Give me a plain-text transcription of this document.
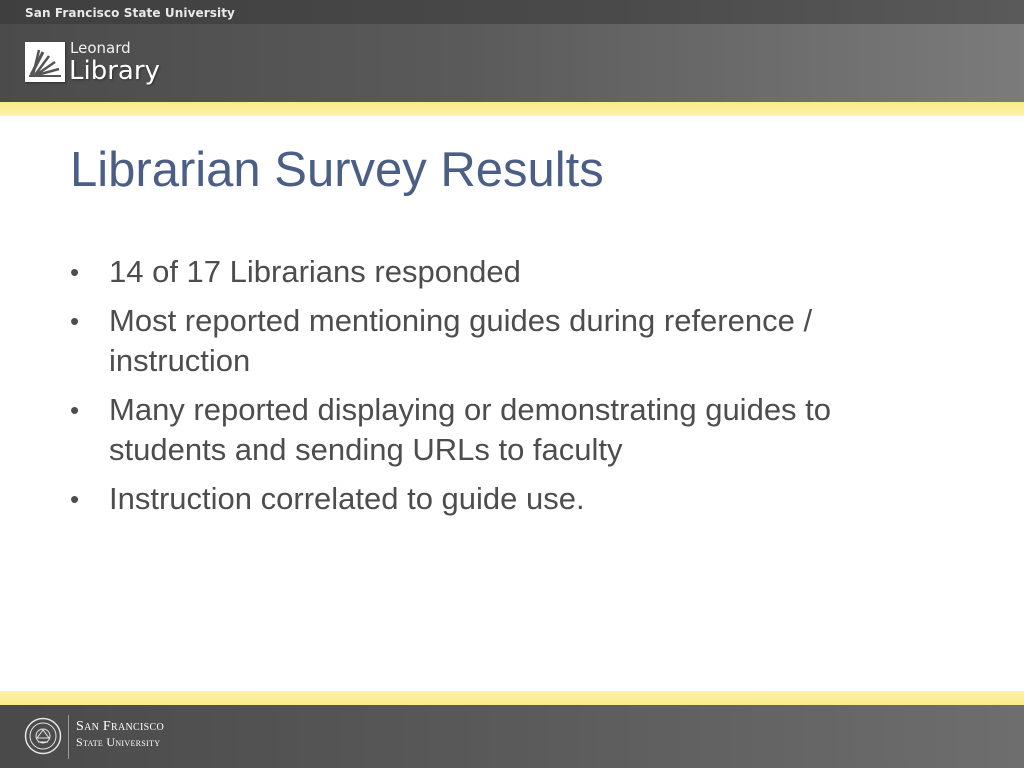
San Francisco State University
Leonard
Library
Librarian Survey Results
• 14 of 17 Librarians responded
• Most reported mentioning guides during reference / instruction
• Many reported displaying or demonstrating guides to students and sending URLs to faculty
• Instruction correlated to guide use.
San Francisco
State University
